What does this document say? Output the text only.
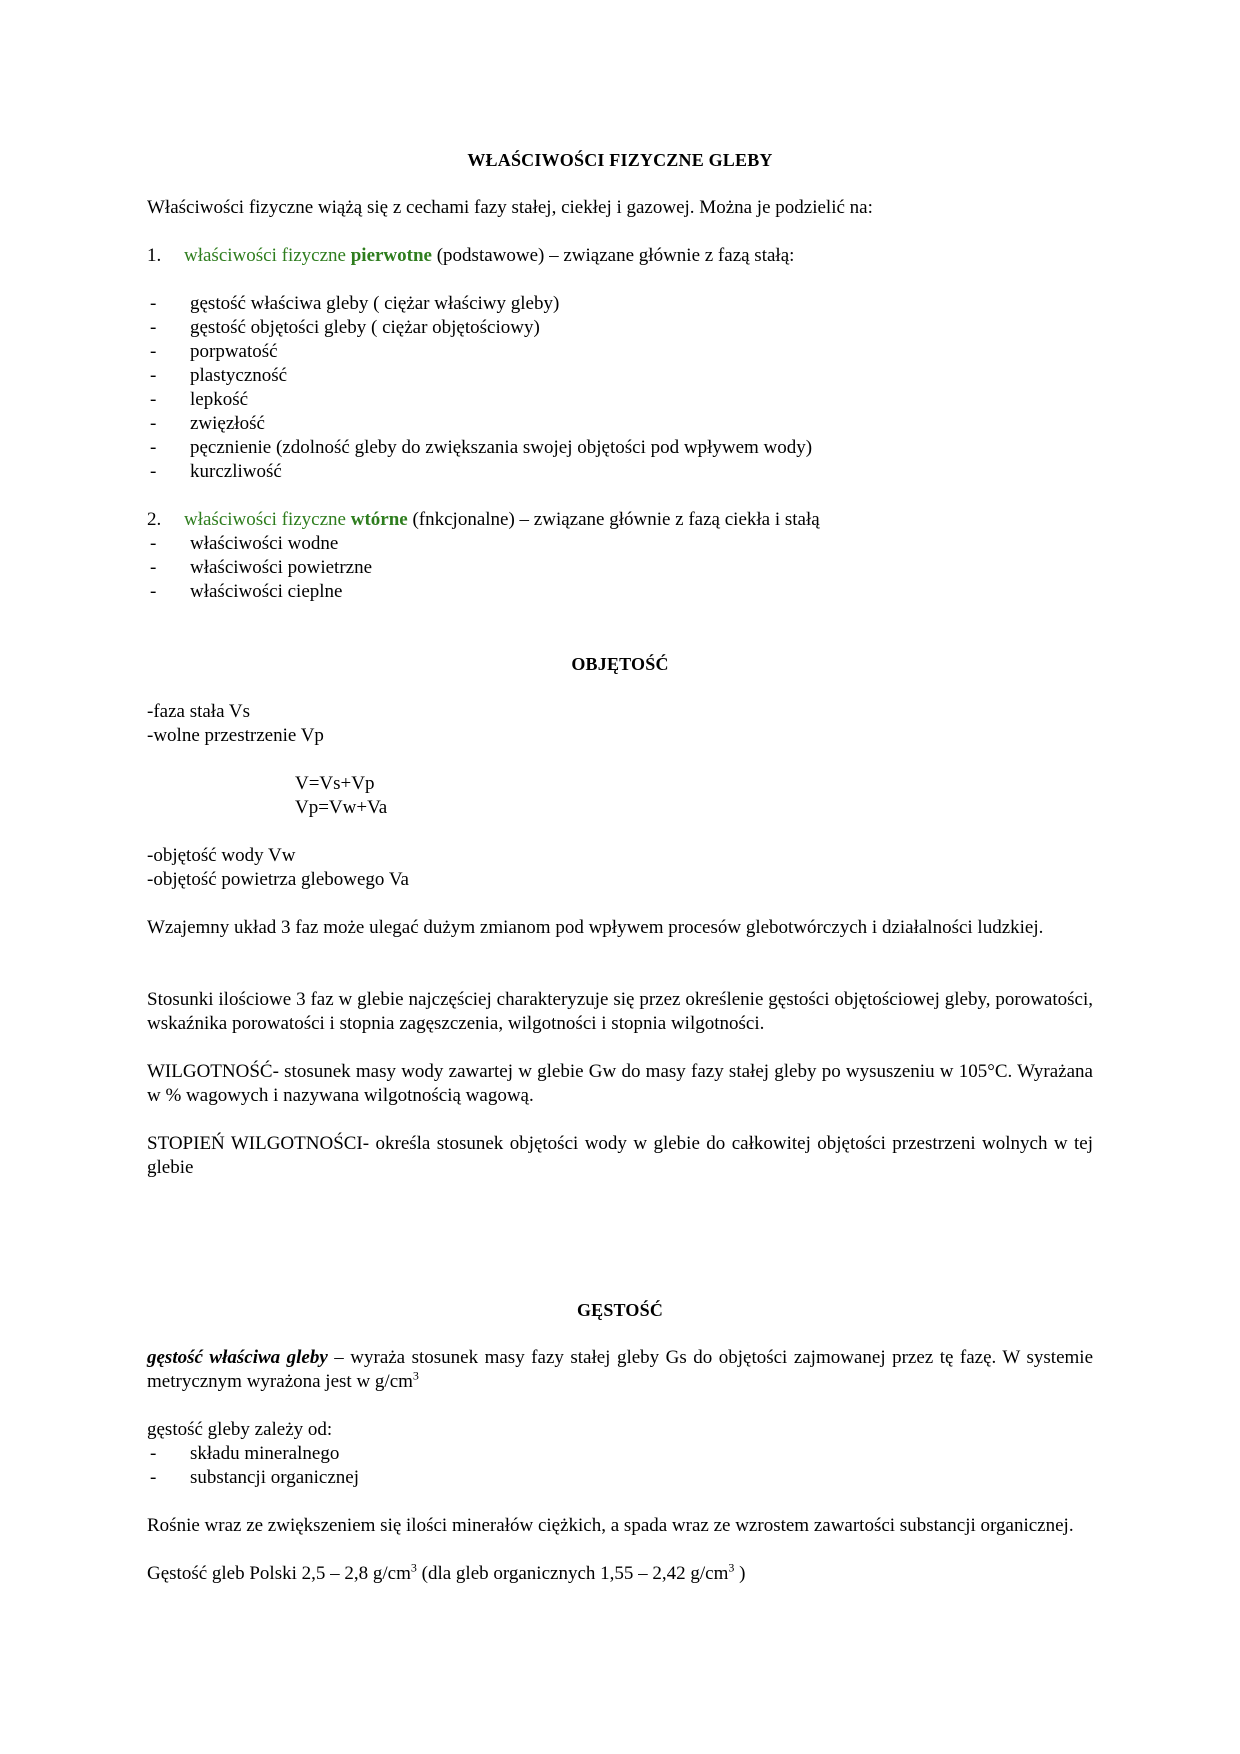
WŁAŚCIWOŚCI FIZYCZNE GLEBY
Właściwości fizyczne wiążą się z cechami fazy stałej, ciekłej i gazowej. Można je podzielić na:
1. właściwości fizyczne pierwotne (podstawowe) – związane głównie z fazą stałą:
- gęstość właściwa gleby ( ciężar właściwy gleby)
- gęstość objętości gleby ( ciężar objętościowy)
- porpwatość
- plastyczność
- lepkość
- zwięzłość
- pęcznienie (zdolność gleby do zwiększania swojej objętości pod wpływem wody)
- kurczliwość
2. właściwości fizyczne wtórne (fnkcjonalne) – związane głównie z fazą ciekła i stałą
- właściwości wodne
- właściwości powietrzne
- właściwości cieplne
OBJĘTOŚĆ
-faza stała Vs
-wolne przestrzenie Vp
V=Vs+Vp
Vp=Vw+Va
-objętość wody Vw
-objętość powietrza glebowego Va
Wzajemny układ 3 faz może ulegać dużym zmianom pod wpływem procesów glebotwórczych i działalności ludzkiej.
Stosunki ilościowe 3 faz w glebie najczęściej charakteryzuje się przez określenie gęstości objętościowej gleby, porowatości, wskaźnika porowatości i stopnia zagęszczenia, wilgotności i stopnia wilgotności.
WILGOTNOŚĆ- stosunek masy wody zawartej w glebie Gw do masy fazy stałej gleby po wysuszeniu w 105°C. Wyrażana w % wagowych i nazywana wilgotnością wagową.
STOPIEŃ WILGOTNOŚCI- określa stosunek objętości wody w glebie do całkowitej objętości przestrzeni wolnych w tej glebie
GĘSTOŚĆ
gęstość właściwa gleby – wyraża stosunek masy fazy stałej gleby Gs do objętości zajmowanej przez tę fazę. W systemie metrycznym wyrażona jest w $g/cm^3$
gęstość gleby zależy od:
- składu mineralnego
- substancji organicznej
Rośnie wraz ze zwiększeniem się ilości minerałów ciężkich, a spada wraz ze wzrostem zawartości substancji organicznej.
Gęstość gleb Polski 2,5 – 2,8 $g/cm^3$ (dla gleb organicznych 1,55 – 2,42 $g/cm^3$ )
